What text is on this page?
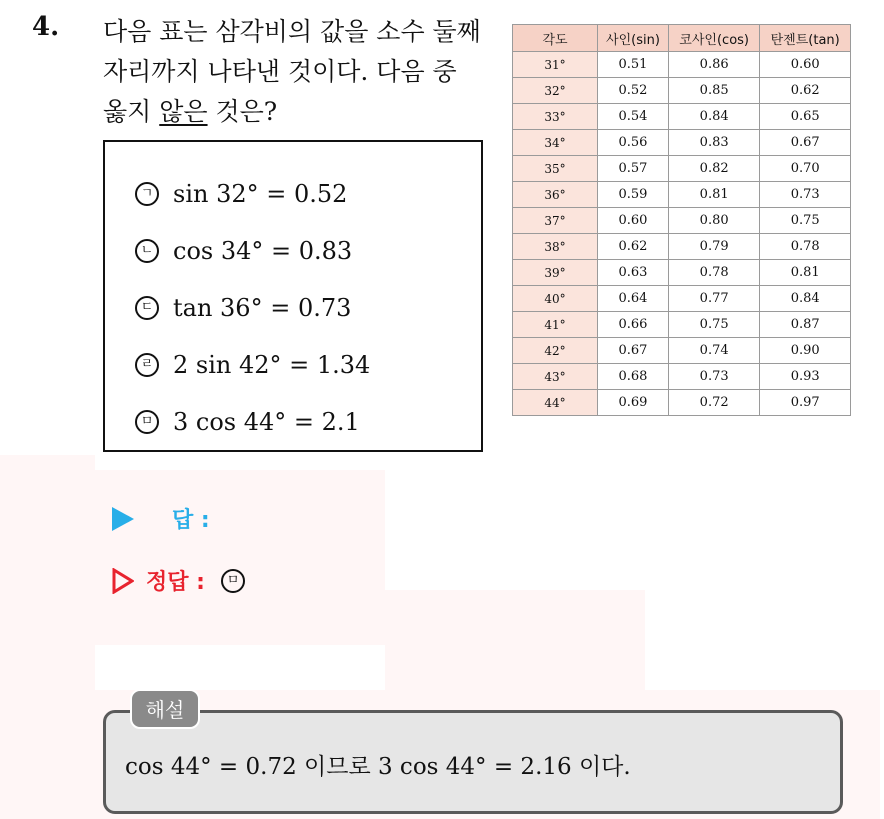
4. 다음 표는 삼각비의 값을 소수 둘째
자리까지 나타낸 것이다. 다음 중
옳지 않은 것은?
ㄱ sin 32° = 0.52
ㄴ cos 34° = 0.83
ㄷ tan 36° = 0.73
ㄹ 2 sin 42° = 1.34
ㅁ 3 cos 44° = 2.1
각도	사인(sin)	코사인(cos)	탄젠트(tan)
31°	0.51	0.86	0.60
32°	0.52	0.85	0.62
33°	0.54	0.84	0.65
34°	0.56	0.83	0.67
35°	0.57	0.82	0.70
36°	0.59	0.81	0.73
37°	0.60	0.80	0.75
38°	0.62	0.79	0.78
39°	0.63	0.78	0.81
40°	0.64	0.77	0.84
41°	0.66	0.75	0.87
42°	0.67	0.74	0.90
43°	0.68	0.73	0.93
44°	0.69	0.72	0.97
답 :
정답 :	ㅁ
해설
cos 44° = 0.72 이므로 3 cos 44° = 2.16 이다.
